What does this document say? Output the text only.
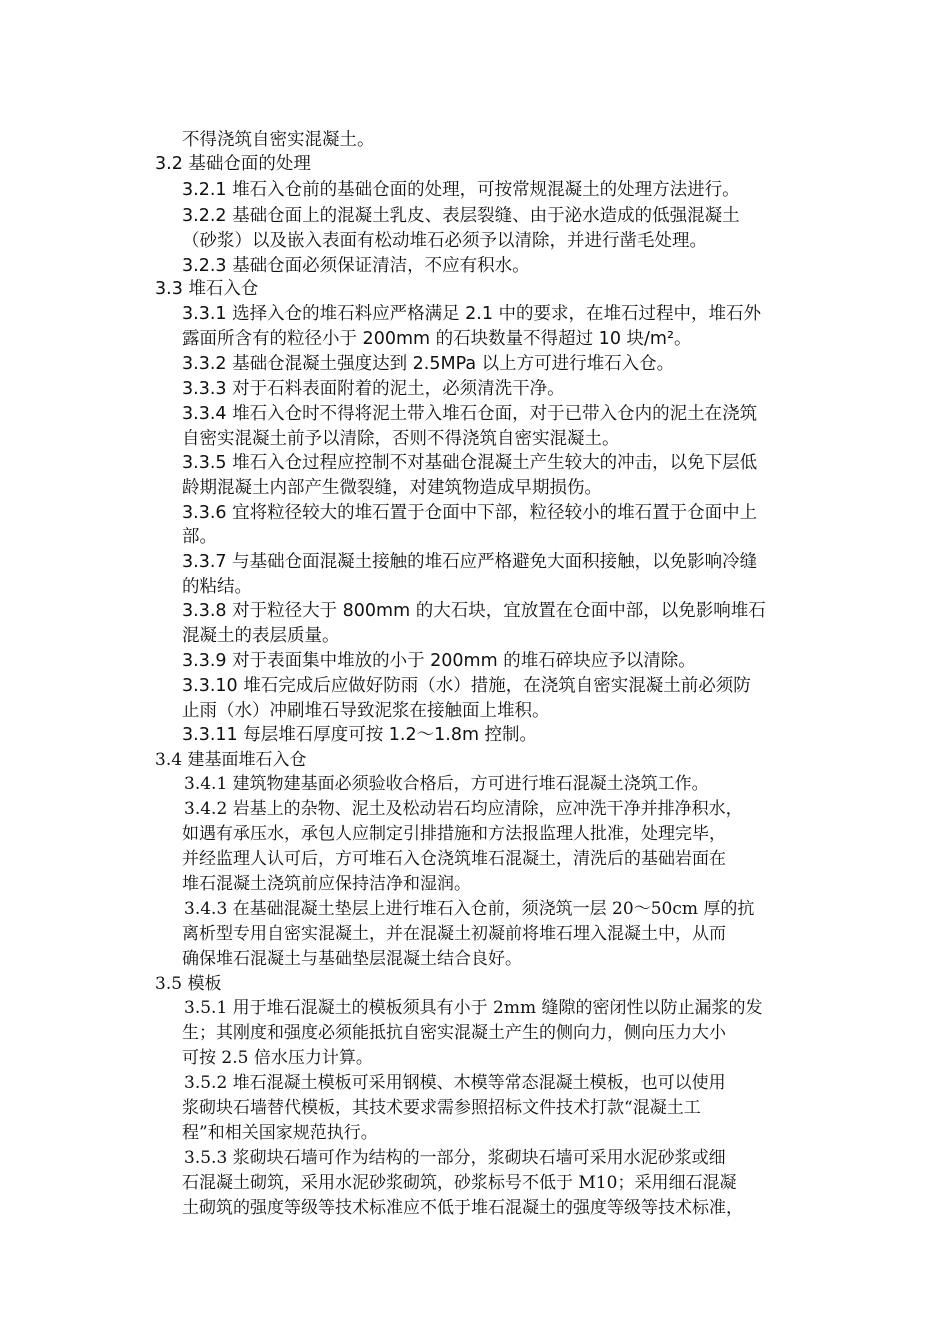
不得浇筑自密实混凝土。
3.2 基础仓面的处理
3.2.1 堆石入仓前的基础仓面的处理，可按常规混凝土的处理方法进行。
3.2.2 基础仓面上的混凝土乳皮、表层裂缝、由于泌水造成的低强混凝土
（砂浆）以及嵌入表面有松动堆石必须予以清除，并进行凿毛处理。
3.2.3 基础仓面必须保证清洁，不应有积水。
3.3 堆石入仓
3.3.1 选择入仓的堆石料应严格满足 2.1 中的要求，在堆石过程中，堆石外
露面所含有的粒径小于 200mm 的石块数量不得超过 10 块/m²。
3.3.2 基础仓混凝土强度达到 2.5MPa 以上方可进行堆石入仓。
3.3.3 对于石料表面附着的泥土，必须清洗干净。
3.3.4 堆石入仓时不得将泥土带入堆石仓面，对于已带入仓内的泥土在浇筑
自密实混凝土前予以清除，否则不得浇筑自密实混凝土。
3.3.5 堆石入仓过程应控制不对基础仓混凝土产生较大的冲击，以免下层低
龄期混凝土内部产生微裂缝，对建筑物造成早期损伤。
3.3.6 宜将粒径较大的堆石置于仓面中下部，粒径较小的堆石置于仓面中上
部。
3.3.7 与基础仓面混凝土接触的堆石应严格避免大面积接触，以免影响冷缝
的粘结。
3.3.8 对于粒径大于 800mm 的大石块，宜放置在仓面中部，以免影响堆石
混凝土的表层质量。
3.3.9 对于表面集中堆放的小于 200mm 的堆石碎块应予以清除。
3.3.10 堆石完成后应做好防雨（水）措施，在浇筑自密实混凝土前必须防
止雨（水）冲刷堆石导致泥浆在接触面上堆积。
3.3.11 每层堆石厚度可按 1.2～1.8m 控制。
3.4 建基面堆石入仓
3.4.1 建筑物建基面必须验收合格后，方可进行堆石混凝土浇筑工作。
3.4.2 岩基上的杂物、泥土及松动岩石均应清除，应冲洗干净并排净积水，
如遇有承压水，承包人应制定引排措施和方法报监理人批准，处理完毕，
并经监理人认可后，方可堆石入仓浇筑堆石混凝土，清洗后的基础岩面在
堆石混凝土浇筑前应保持洁净和湿润。
3.4.3 在基础混凝土垫层上进行堆石入仓前，须浇筑一层 20～50cm 厚的抗
离析型专用自密实混凝土，并在混凝土初凝前将堆石埋入混凝土中，从而
确保堆石混凝土与基础垫层混凝土结合良好。
3.5 模板
3.5.1 用于堆石混凝土的模板须具有小于 2mm 缝隙的密闭性以防止漏浆的发
生；其刚度和强度必须能抵抗自密实混凝土产生的侧向力，侧向压力大小
可按 2.5 倍水压力计算。
3.5.2 堆石混凝土模板可采用钢模、木模等常态混凝土模板，也可以使用
浆砌块石墙替代模板，其技术要求需参照招标文件技术打款“混凝土工
程”和相关国家规范执行。
3.5.3 浆砌块石墙可作为结构的一部分，浆砌块石墙可采用水泥砂浆或细
石混凝土砌筑，采用水泥砂浆砌筑，砂浆标号不低于 M10；采用细石混凝
土砌筑的强度等级等技术标准应不低于堆石混凝土的强度等级等技术标准，
